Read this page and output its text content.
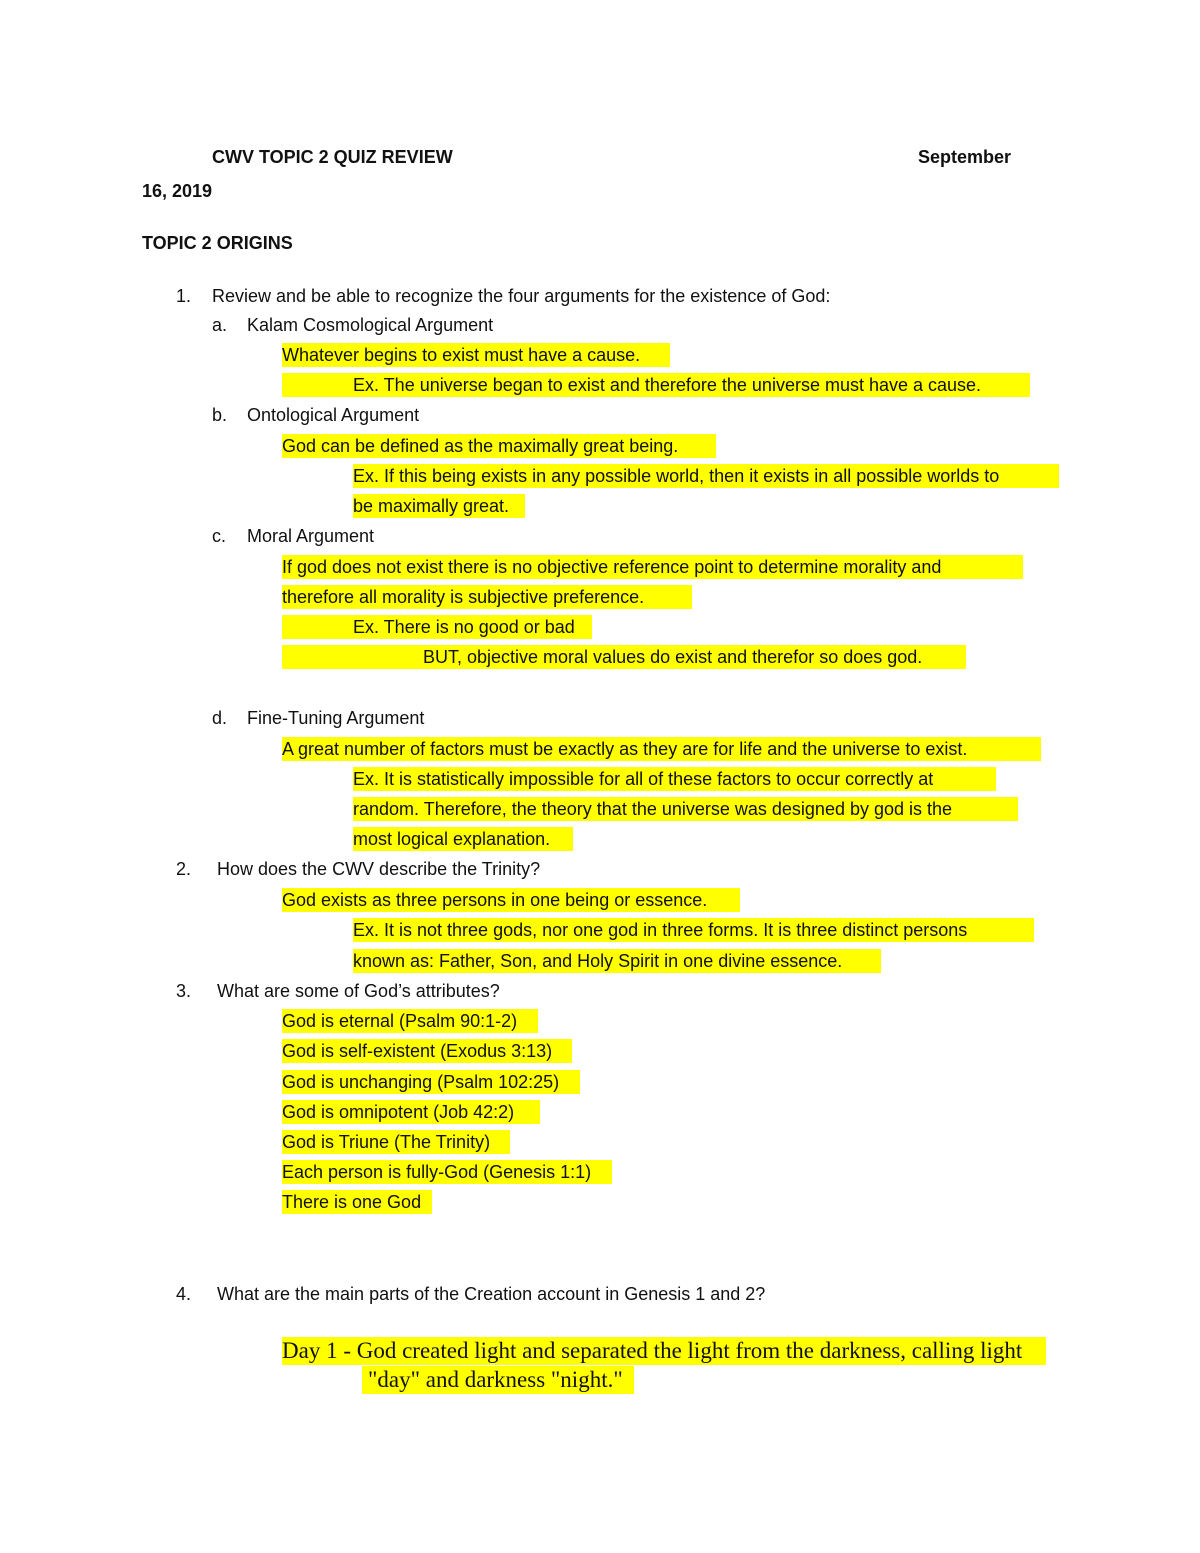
CWV TOPIC 2 QUIZ REVIEW	September
16, 2019
TOPIC 2 ORIGINS
1. Review and be able to recognize the four arguments for the existence of God:
a. Kalam Cosmological Argument
Whatever begins to exist must have a cause.
Ex. The universe began to exist and therefore the universe must have a cause.
b. Ontological Argument
God can be defined as the maximally great being.
Ex. If this being exists in any possible world, then it exists in all possible worlds to
be maximally great.
c. Moral Argument
If god does not exist there is no objective reference point to determine morality and
therefore all morality is subjective preference.
Ex. There is no good or bad
BUT, objective moral values do exist and therefor so does god.
d. Fine-Tuning Argument
A great number of factors must be exactly as they are for life and the universe to exist.
Ex. It is statistically impossible for all of these factors to occur correctly at
random. Therefore, the theory that the universe was designed by god is the
most logical explanation.
2. How does the CWV describe the Trinity?
God exists as three persons in one being or essence.
Ex. It is not three gods, nor one god in three forms. It is three distinct persons
known as: Father, Son, and Holy Spirit in one divine essence.
3. What are some of God’s attributes?
God is eternal (Psalm 90:1-2)
God is self-existent (Exodus 3:13)
God is unchanging (Psalm 102:25)
God is omnipotent (Job 42:2)
God is Triune (The Trinity)
Each person is fully-God (Genesis 1:1)
There is one God
4. What are the main parts of the Creation account in Genesis 1 and 2?
Day 1 - God created light and separated the light from the darkness, calling light
"day" and darkness "night."
